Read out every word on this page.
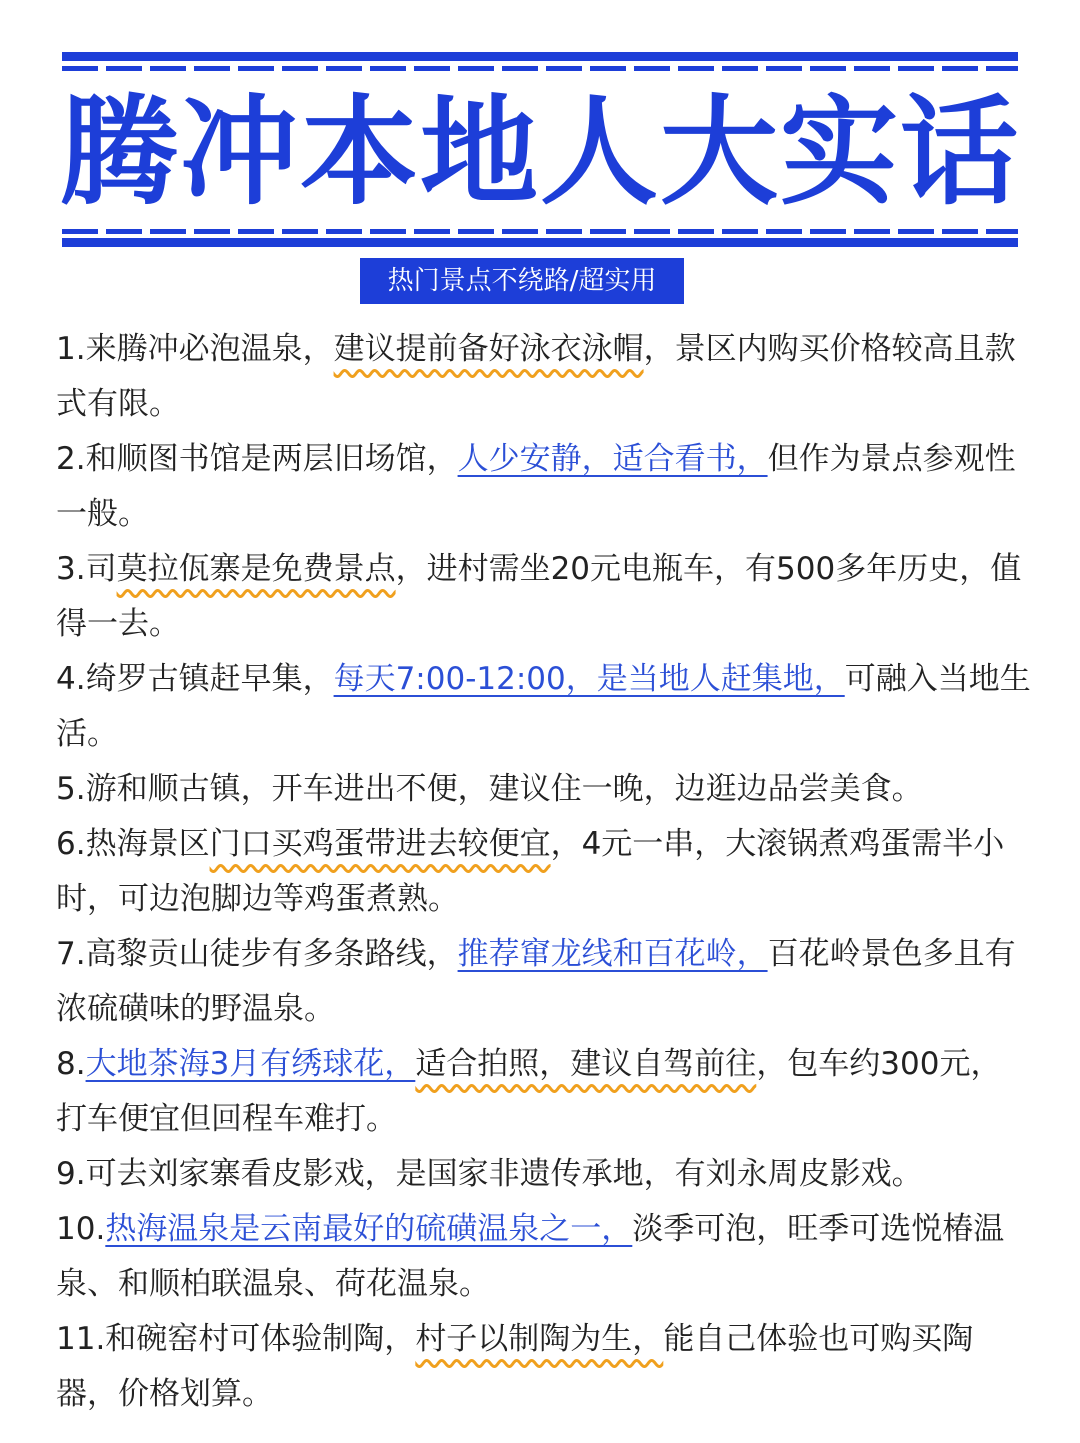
腾冲本地人大实话
热门景点不绕路/超实用

1.来腾冲必泡温泉，建议提前备好泳衣泳帽，景区内购买价格较高且款式有限。

2.和顺图书馆是两层旧场馆，人少安静，适合看书，但作为景点参观性一般。

3.司莫拉佤寨是免费景点，进村需坐20元电瓶车，有500多年历史，值得一去。

4.绮罗古镇赶早集，每天7:00-12:00，是当地人赶集地，可融入当地生活。

5.游和顺古镇，开车进出不便，建议住一晚，边逛边品尝美食。

6.热海景区门口买鸡蛋带进去较便宜，4元一串，大滚锅煮鸡蛋需半小时，可边泡脚边等鸡蛋煮熟。

7.高黎贡山徒步有多条路线，推荐窜龙线和百花岭，百花岭景色多且有浓硫磺味的野温泉。

8.大地茶海3月有绣球花，适合拍照，建议自驾前往，包车约300元，打车便宜但回程车难打。

9.可去刘家寨看皮影戏，是国家非遗传承地，有刘永周皮影戏。

10.热海温泉是云南最好的硫磺温泉之一，淡季可泡，旺季可选悦椿温泉、和顺柏联温泉、荷花温泉。

11.和碗窑村可体验制陶，村子以制陶为生，能自己体验也可购买陶器，价格划算。
